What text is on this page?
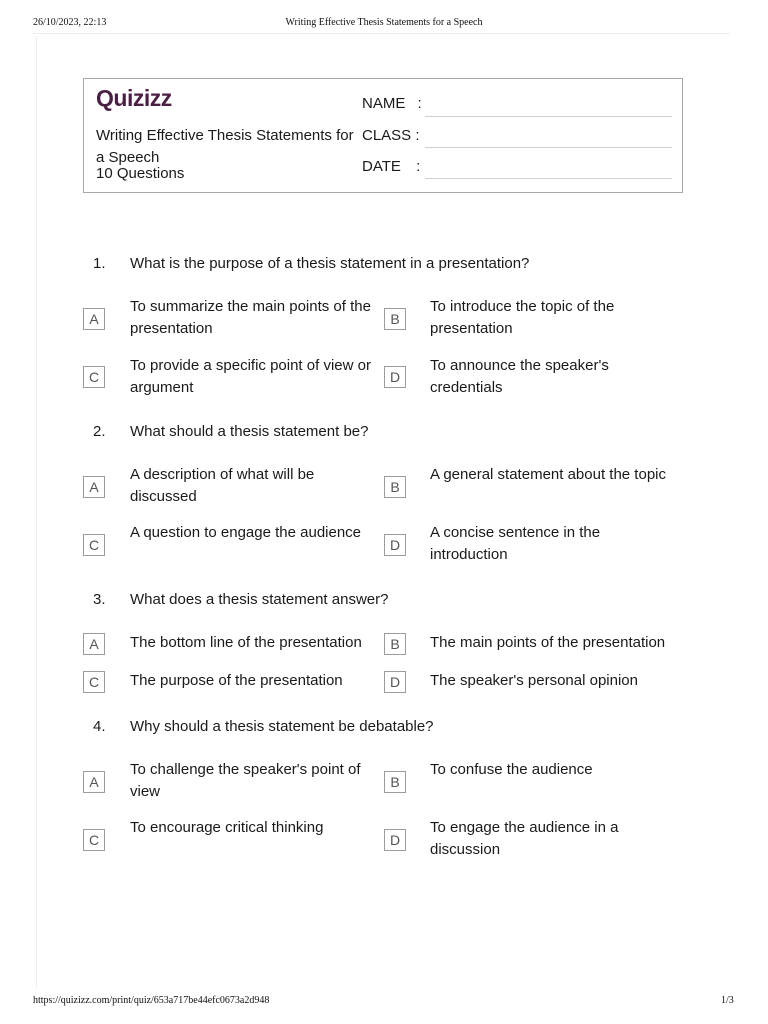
26/10/2023, 22:13	Writing Effective Thesis Statements for a Speech
https://quizizz.com/print/quiz/653a717be44efc0673a2d948	1/3
Quizizz
Writing Effective Thesis Statements for a Speech
10 Questions
NAME :
CLASS :
DATE :
1. What is the purpose of a thesis statement in a presentation?
A
To summarize the main points of the presentation
B
To introduce the topic of the presentation
C
To provide a specific point of view or argument
D
To announce the speaker's credentials
2. What should a thesis statement be?
A
A description of what will be discussed
B
A general statement about the topic
C
A question to engage the audience
D
A concise sentence in the introduction
3. What does a thesis statement answer?
A	The bottom line of the presentation	B	The main points of the presentation
C	The purpose of the presentation	D	The speaker's personal opinion
4. Why should a thesis statement be debatable?
A
To challenge the speaker's point of view
B
To confuse the audience
C
To encourage critical thinking
D
To engage the audience in a discussion
